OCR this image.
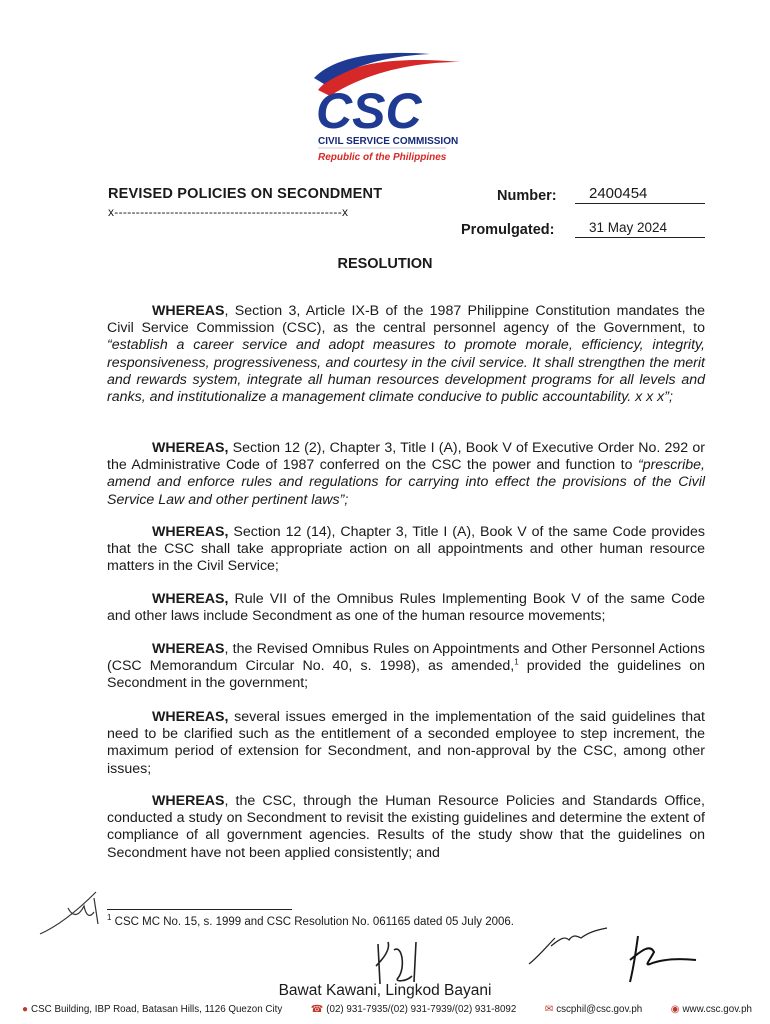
CSC
CIVIL SERVICE COMMISSION
Republic of the Philippines
REVISED POLICIES ON SECONDMENT
x-----------------------------------------------------x
Number:	2400454
Promulgated:	31 May 2024
RESOLUTION
WHEREAS, Section 3, Article IX-B of the 1987 Philippine Constitution mandates the Civil Service Commission (CSC), as the central personnel agency of the Government, to “establish a career service and adopt measures to promote morale, efficiency, integrity, responsiveness, progressiveness, and courtesy in the civil service. It shall strengthen the merit and rewards system, integrate all human resources development programs for all levels and ranks, and institutionalize a management climate conducive to public accountability. x x x”;
WHEREAS, Section 12 (2), Chapter 3, Title I (A), Book V of Executive Order No. 292 or the Administrative Code of 1987 conferred on the CSC the power and function to “prescribe, amend and enforce rules and regulations for carrying into effect the provisions of the Civil Service Law and other pertinent laws”;
WHEREAS, Section 12 (14), Chapter 3, Title I (A), Book V of the same Code provides that the CSC shall take appropriate action on all appointments and other human resource matters in the Civil Service;
WHEREAS, Rule VII of the Omnibus Rules Implementing Book V of the same Code and other laws include Secondment as one of the human resource movements;
WHEREAS, the Revised Omnibus Rules on Appointments and Other Personnel Actions (CSC Memorandum Circular No. 40, s. 1998), as amended,$^1$ provided the guidelines on Secondment in the government;
WHEREAS, several issues emerged in the implementation of the said guidelines that need to be clarified such as the entitlement of a seconded employee to step increment, the maximum period of extension for Secondment, and non-approval by the CSC, among other issues;
WHEREAS, the CSC, through the Human Resource Policies and Standards Office, conducted a study on Secondment to revisit the existing guidelines and determine the extent of compliance of all government agencies. Results of the study show that the guidelines on Secondment have not been applied consistently; and
$^1$ CSC MC No. 15, s. 1999 and CSC Resolution No. 061165 dated 05 July 2006.
Bawat Kawani, Lingkod Bayani
● CSC Building, IBP Road, Batasan Hills, 1126 Quezon City	☎ (02) 931-7935/(02) 931-7939/(02) 931-8092	✉ cscphil@csc.gov.ph	◉ www.csc.gov.ph
